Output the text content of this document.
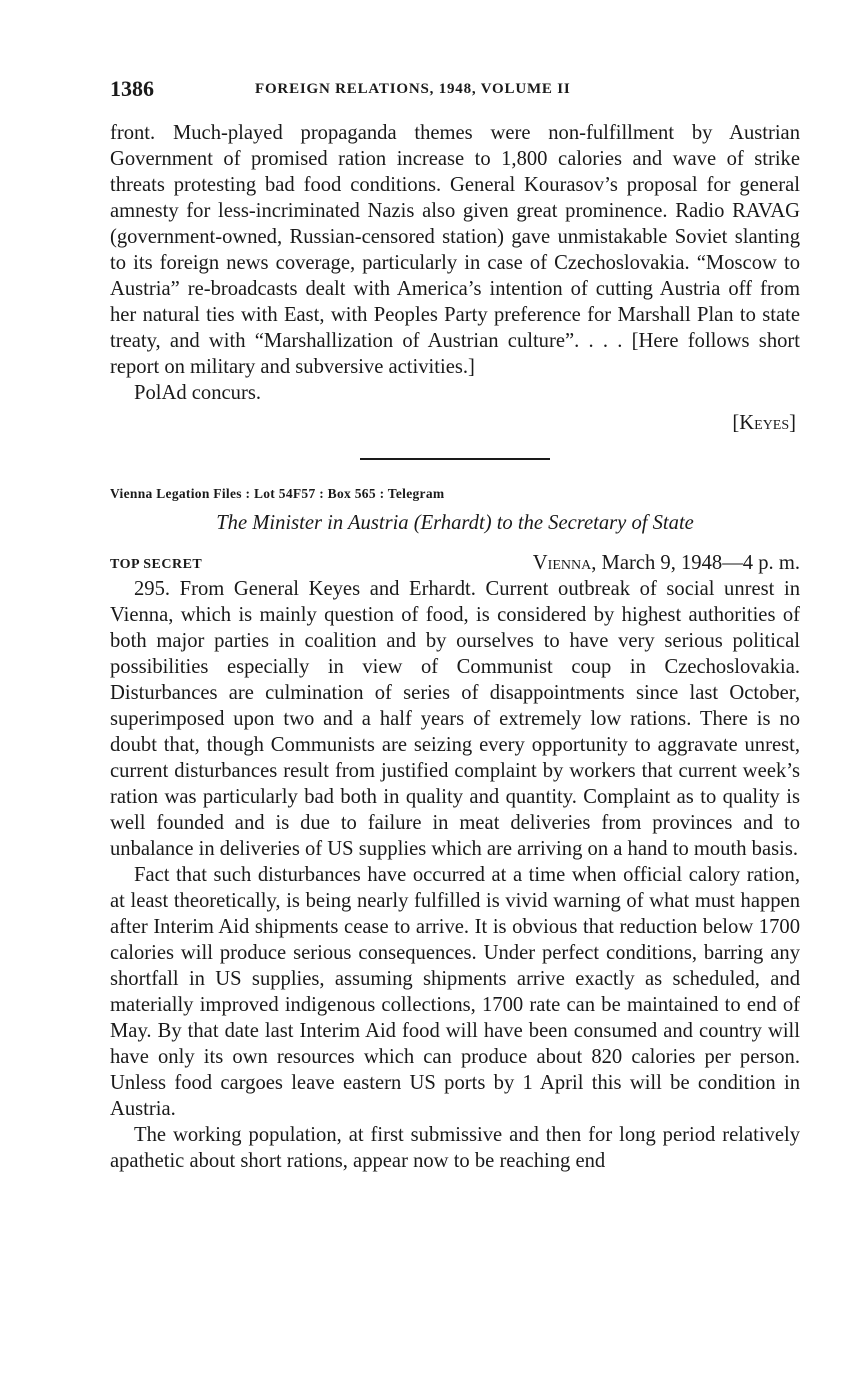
1386	FOREIGN RELATIONS, 1948, VOLUME II

front. Much-played propaganda themes were non-fulfillment by Austrian Government of promised ration increase to 1,800 calories and wave of strike threats protesting bad food conditions. General Kourasov’s proposal for general amnesty for less-incriminated Nazis also given great prominence. Radio RAVAG (government-owned, Russian-censored station) gave unmistakable Soviet slanting to its foreign news coverage, particularly in case of Czechoslovakia. “Moscow to Austria” re-broadcasts dealt with America’s intention of cutting Austria off from her natural ties with East, with Peoples Party preference for Marshall Plan to state treaty, and with “Marshallization of Austrian culture”. . . . [Here follows short report on military and subversive activities.]

PolAd concurs.

[Keyes]
Vienna Legation Files : Lot 54F57 : Box 565 : Telegram
The Minister in Austria (Erhardt) to the Secretary of State
TOP SECRET	Vienna, March 9, 1948—4 p. m.

295. From General Keyes and Erhardt. Current outbreak of social unrest in Vienna, which is mainly question of food, is considered by highest authorities of both major parties in coalition and by ourselves to have very serious political possibilities especially in view of Communist coup in Czechoslovakia. Disturbances are culmination of series of disappointments since last October, superimposed upon two and a half years of extremely low rations. There is no doubt that, though Communists are seizing every opportunity to aggravate unrest, current disturbances result from justified complaint by workers that current week’s ration was particularly bad both in quality and quantity. Complaint as to quality is well founded and is due to failure in meat deliveries from provinces and to unbalance in deliveries of US supplies which are arriving on a hand to mouth basis.

Fact that such disturbances have occurred at a time when official calory ration, at least theoretically, is being nearly fulfilled is vivid warning of what must happen after Interim Aid shipments cease to arrive. It is obvious that reduction below 1700 calories will produce serious consequences. Under perfect conditions, barring any shortfall in US supplies, assuming shipments arrive exactly as scheduled, and materially improved indigenous collections, 1700 rate can be maintained to end of May. By that date last Interim Aid food will have been consumed and country will have only its own resources which can produce about 820 calories per person. Unless food cargoes leave eastern US ports by 1 April this will be condition in Austria.

The working population, at first submissive and then for long period relatively apathetic about short rations, appear now to be reaching end
